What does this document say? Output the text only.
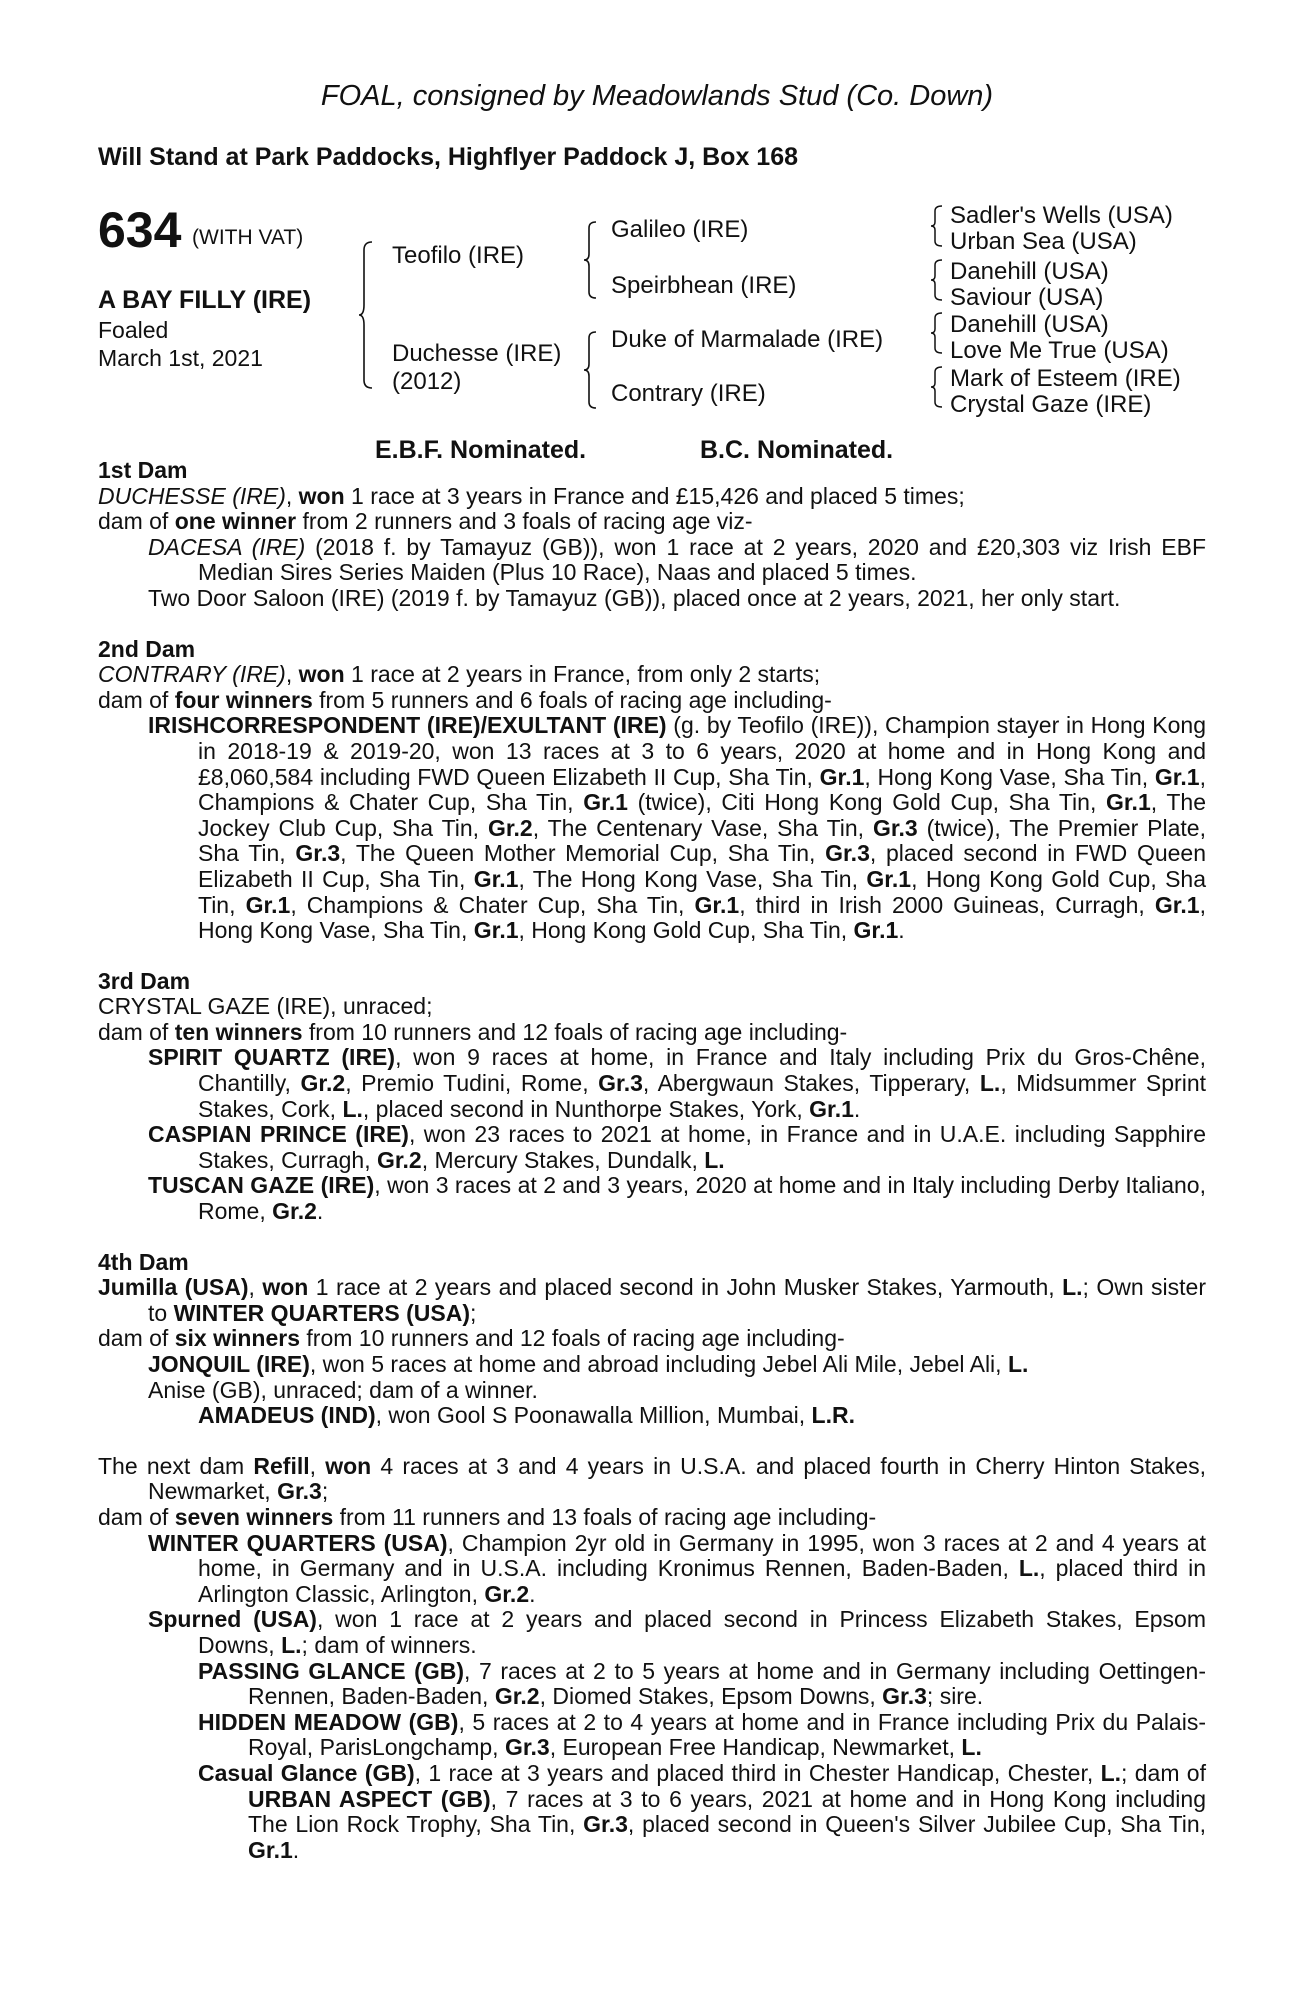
FOAL, consigned by Meadowlands Stud (Co. Down)
Will Stand at Park Paddocks, Highflyer Paddock J, Box 168
634 (WITH VAT)
A BAY FILLY (IRE)
Foaled
March 1st, 2021
Teofilo (IRE)
Duchesse (IRE)
(2012)
Galileo (IRE)
Speirbhean (IRE)
Duke of Marmalade (IRE)
Contrary (IRE)
Sadler's Wells (USA)
Urban Sea (USA)
Danehill (USA)
Saviour (USA)
Danehill (USA)
Love Me True (USA)
Mark of Esteem (IRE)
Crystal Gaze (IRE)
E.B.F. Nominated.	B.C. Nominated.

1st Dam

DUCHESSE (IRE), won 1 race at 3 years in France and £15,426 and placed 5 times;

dam of one winner from 2 runners and 3 foals of racing age viz-

DACESA (IRE) (2018 f. by Tamayuz (GB)), won 1 race at 2 years, 2020 and £20,303 viz Irish EBF Median Sires Series Maiden (Plus 10 Race), Naas and placed 5 times.

Two Door Saloon (IRE) (2019 f. by Tamayuz (GB)), placed once at 2 years, 2021, her only start.

2nd Dam

CONTRARY (IRE), won 1 race at 2 years in France, from only 2 starts;

dam of four winners from 5 runners and 6 foals of racing age including-

IRISHCORRESPONDENT (IRE)/EXULTANT (IRE) (g. by Teofilo (IRE)), Champion stayer in Hong Kong in 2018-19 & 2019-20, won 13 races at 3 to 6 years, 2020 at home and in Hong Kong and £8,060,584 including FWD Queen Elizabeth II Cup, Sha Tin, Gr.1, Hong Kong Vase, Sha Tin, Gr.1, Champions & Chater Cup, Sha Tin, Gr.1 (twice), Citi Hong Kong Gold Cup, Sha Tin, Gr.1, The Jockey Club Cup, Sha Tin, Gr.2, The Centenary Vase, Sha Tin, Gr.3 (twice), The Premier Plate, Sha Tin, Gr.3, The Queen Mother Memorial Cup, Sha Tin, Gr.3, placed second in FWD Queen Elizabeth II Cup, Sha Tin, Gr.1, The Hong Kong Vase, Sha Tin, Gr.1, Hong Kong Gold Cup, Sha Tin, Gr.1, Champions & Chater Cup, Sha Tin, Gr.1, third in Irish 2000 Guineas, Curragh, Gr.1, Hong Kong Vase, Sha Tin, Gr.1, Hong Kong Gold Cup, Sha Tin, Gr.1.

3rd Dam

CRYSTAL GAZE (IRE), unraced;

dam of ten winners from 10 runners and 12 foals of racing age including-

SPIRIT QUARTZ (IRE), won 9 races at home, in France and Italy including Prix du Gros-Chêne, Chantilly, Gr.2, Premio Tudini, Rome, Gr.3, Abergwaun Stakes, Tipperary, L., Midsummer Sprint Stakes, Cork, L., placed second in Nunthorpe Stakes, York, Gr.1.

CASPIAN PRINCE (IRE), won 23 races to 2021 at home, in France and in U.A.E. including Sapphire Stakes, Curragh, Gr.2, Mercury Stakes, Dundalk, L.

TUSCAN GAZE (IRE), won 3 races at 2 and 3 years, 2020 at home and in Italy including Derby Italiano, Rome, Gr.2.

4th Dam

Jumilla (USA), won 1 race at 2 years and placed second in John Musker Stakes, Yarmouth, L.; Own sister to WINTER QUARTERS (USA);

dam of six winners from 10 runners and 12 foals of racing age including-

JONQUIL (IRE), won 5 races at home and abroad including Jebel Ali Mile, Jebel Ali, L.

Anise (GB), unraced; dam of a winner.

AMADEUS (IND), won Gool S Poonawalla Million, Mumbai, L.R.

The next dam Refill, won 4 races at 3 and 4 years in U.S.A. and placed fourth in Cherry Hinton Stakes, Newmarket, Gr.3;

dam of seven winners from 11 runners and 13 foals of racing age including-

WINTER QUARTERS (USA), Champion 2yr old in Germany in 1995, won 3 races at 2 and 4 years at home, in Germany and in U.S.A. including Kronimus Rennen, Baden-Baden, L., placed third in Arlington Classic, Arlington, Gr.2.

Spurned (USA), won 1 race at 2 years and placed second in Princess Elizabeth Stakes, Epsom Downs, L.; dam of winners.

PASSING GLANCE (GB), 7 races at 2 to 5 years at home and in Germany including Oettingen-Rennen, Baden-Baden, Gr.2, Diomed Stakes, Epsom Downs, Gr.3; sire.

HIDDEN MEADOW (GB), 5 races at 2 to 4 years at home and in France including Prix du Palais-Royal, ParisLongchamp, Gr.3, European Free Handicap, Newmarket, L.

Casual Glance (GB), 1 race at 3 years and placed third in Chester Handicap, Chester, L.; dam of URBAN ASPECT (GB), 7 races at 3 to 6 years, 2021 at home and in Hong Kong including The Lion Rock Trophy, Sha Tin, Gr.3, placed second in Queen's Silver Jubilee Cup, Sha Tin, Gr.1.
